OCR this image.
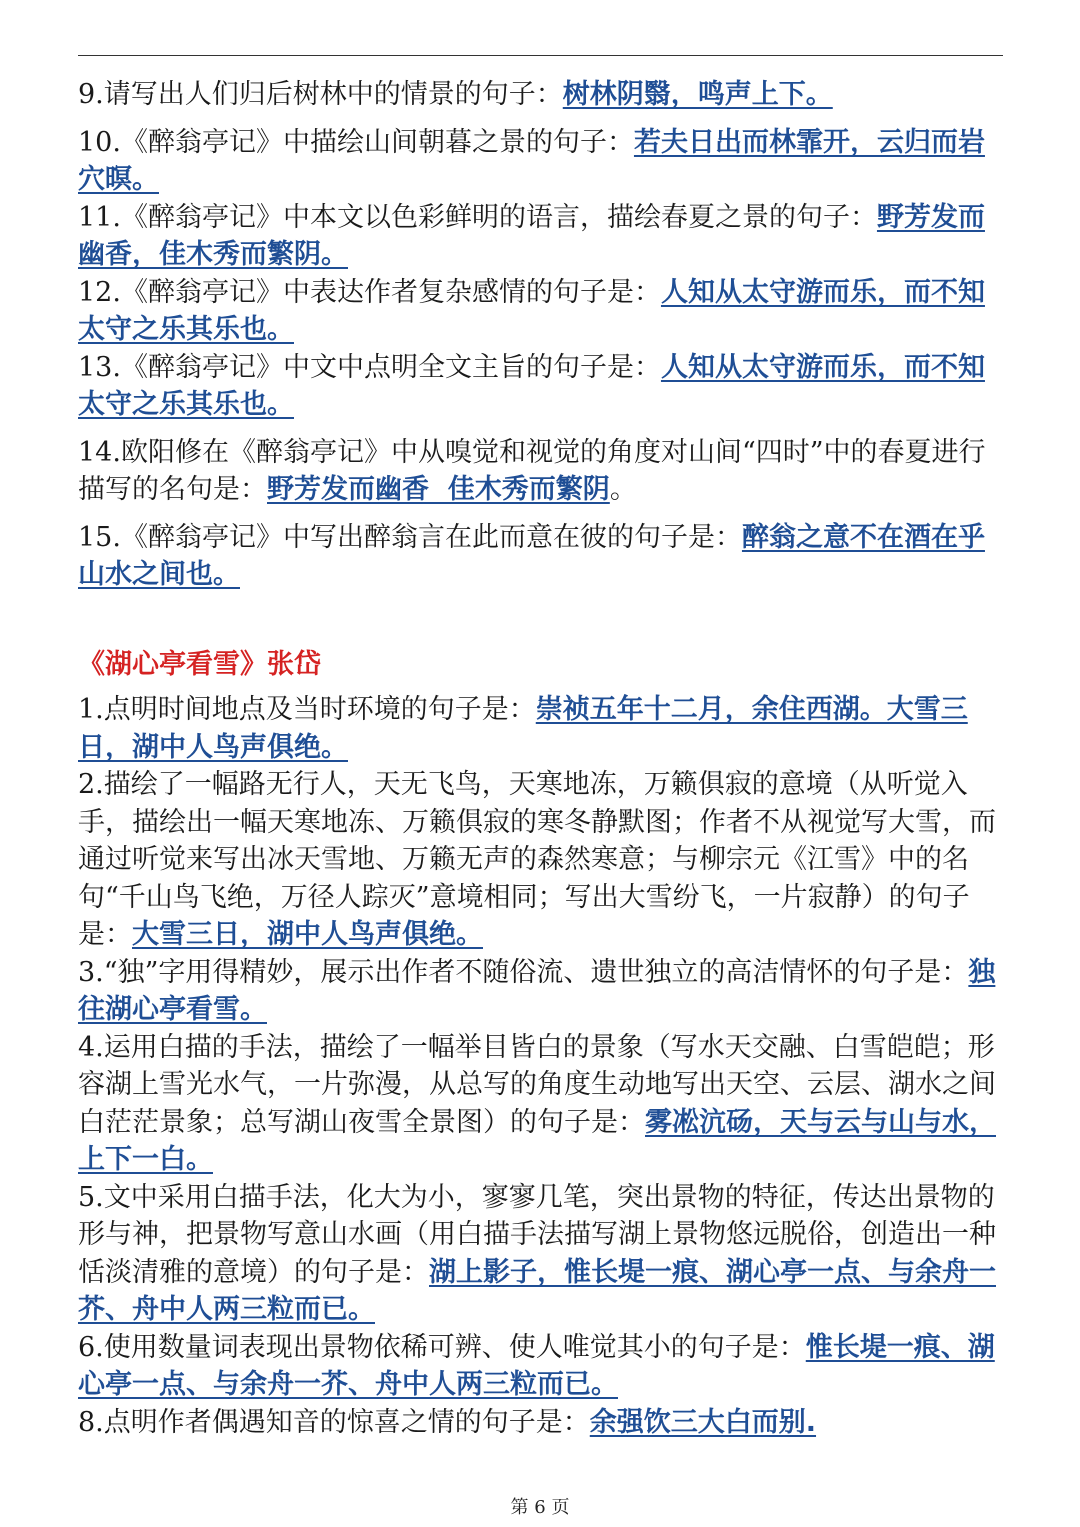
9.请写出人们归后树林中的情景的句子：树林阴翳，鸣声上下。

10.《醉翁亭记》中描绘山间朝暮之景的句子：若夫日出而林霏开，云归而岩穴暝。

11.《醉翁亭记》中本文以色彩鲜明的语言，描绘春夏之景的句子：野芳发而幽香，佳木秀而繁阴。

12.《醉翁亭记》中表达作者复杂感情的句子是：人知从太守游而乐，而不知太守之乐其乐也。

13.《醉翁亭记》中文中点明全文主旨的句子是：人知从太守游而乐，而不知太守之乐其乐也。

14.欧阳修在《醉翁亭记》中从嗅觉和视觉的角度对山间“四时”中的春夏进行描写的名句是：野芳发而幽香  佳木秀而繁阴。

15.《醉翁亭记》中写出醉翁言在此而意在彼的句子是：醉翁之意不在酒在乎山水之间也。

《湖心亭看雪》张岱

1.点明时间地点及当时环境的句子是：崇祯五年十二月，余住西湖。大雪三日，湖中人鸟声俱绝。

2.描绘了一幅路无行人，天无飞鸟，天寒地冻，万籁俱寂的意境（从听觉入手，描绘出一幅天寒地冻、万籁俱寂的寒冬静默图；作者不从视觉写大雪，而通过听觉来写出冰天雪地、万籁无声的森然寒意；与柳宗元《江雪》中的名句“千山鸟飞绝，万径人踪灭”意境相同；写出大雪纷飞，一片寂静）的句子是：大雪三日，湖中人鸟声俱绝。

3.“独”字用得精妙，展示出作者不随俗流、遗世独立的高洁情怀的句子是：独往湖心亭看雪。

4.运用白描的手法，描绘了一幅举目皆白的景象（写水天交融、白雪皑皑；形容湖上雪光水气，一片弥漫，从总写的角度生动地写出天空、云层、湖水之间白茫茫景象；总写湖山夜雪全景图）的句子是：雾凇沆砀，天与云与山与水，上下一白。

5.文中采用白描手法，化大为小，寥寥几笔，突出景物的特征，传达出景物的形与神，把景物写意山水画（用白描手法描写湖上景物悠远脱俗，创造出一种恬淡清雅的意境）的句子是：湖上影子，惟长堤一痕、湖心亭一点、与余舟一芥、舟中人两三粒而已。

6.使用数量词表现出景物依稀可辨、使人唯觉其小的句子是：惟长堤一痕、湖心亭一点、与余舟一芥、舟中人两三粒而已。

8.点明作者偶遇知音的惊喜之情的句子是：余强饮三大白而别.

第 6 页
